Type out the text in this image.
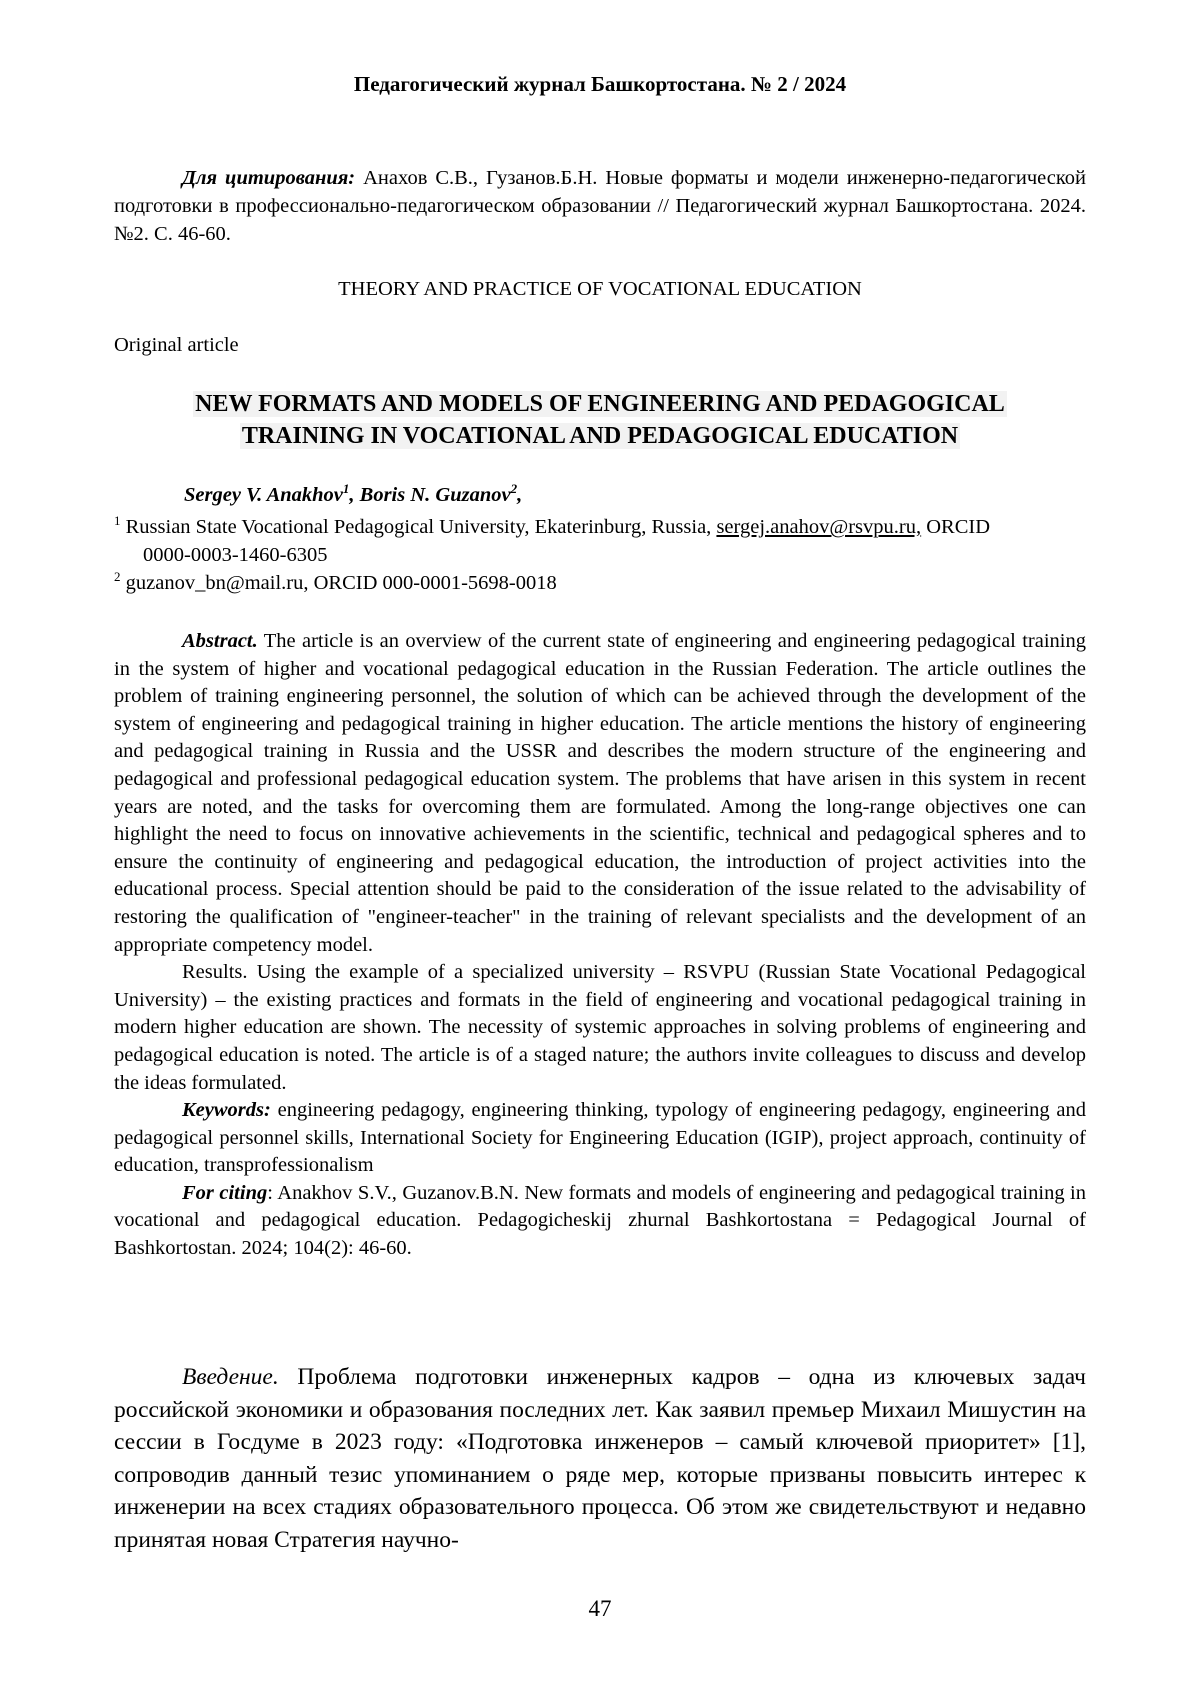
Педагогический журнал Башкортостана. № 2 / 2024
Для цитирования: Анахов С.В., Гузанов.Б.Н. Новые форматы и модели инженерно-педагогической подготовки в профессионально-педагогическом образовании // Педагогический журнал Башкортостана. 2024. №2. С. 46-60.
THEORY AND PRACTICE OF VOCATIONAL EDUCATION
Original article
NEW FORMATS AND MODELS OF ENGINEERING AND PEDAGOGICAL
TRAINING IN VOCATIONAL AND PEDAGOGICAL EDUCATION
Sergey V. Anakhov$^1$, Boris N. Guzanov$^2$,
$^1$ Russian State Vocational Pedagogical University, Ekaterinburg, Russia, sergej.anahov@rsvpu.ru, ORCID
0000-0003-1460-6305
$^2$ guzanov_bn@mail.ru, ORCID 000-0001-5698-0018

Abstract. The article is an overview of the current state of engineering and engineering pedagogical training in the system of higher and vocational pedagogical education in the Russian Federation. The article outlines the problem of training engineering personnel, the solution of which can be achieved through the development of the system of engineering and pedagogical training in higher education. The article mentions the history of engineering and pedagogical training in Russia and the USSR and describes the modern structure of the engineering and pedagogical and professional pedagogical education system. The problems that have arisen in this system in recent years are noted, and the tasks for overcoming them are formulated. Among the long-range objectives one can highlight the need to focus on innovative achievements in the scientific, technical and pedagogical spheres and to ensure the continuity of engineering and pedagogical education, the introduction of project activities into the educational process. Special attention should be paid to the consideration of the issue related to the advisability of restoring the qualification of "engineer-teacher" in the training of relevant specialists and the development of an appropriate competency model.

Results. Using the example of a specialized university – RSVPU (Russian State Vocational Pedagogical University) – the existing practices and formats in the field of engineering and vocational pedagogical training in modern higher education are shown. The necessity of systemic approaches in solving problems of engineering and pedagogical education is noted. The article is of a staged nature; the authors invite colleagues to discuss and develop the ideas formulated.

Keywords: engineering pedagogy, engineering thinking, typology of engineering pedagogy, engineering and pedagogical personnel skills, International Society for Engineering Education (IGIP), project approach, continuity of education, transprofessionalism

For citing: Anakhov S.V., Guzanov.B.N. New formats and models of engineering and pedagogical training in vocational and pedagogical education. Pedagogicheskij zhurnal Bashkortostana = Pedagogical Journal of Bashkortostan. 2024; 104(2): 46-60.

Введение. Проблема подготовки инженерных кадров – одна из ключевых задач российской экономики и образования последних лет. Как заявил премьер Михаил Мишустин на сессии в Госдуме в 2023 году: «Подготовка инженеров – самый ключевой приоритет» [1], сопроводив данный тезис упоминанием о ряде мер, которые призваны повысить интерес к инженерии на всех стадиях образовательного процесса. Об этом же свидетельствуют и недавно принятая новая Стратегия научно-

47
